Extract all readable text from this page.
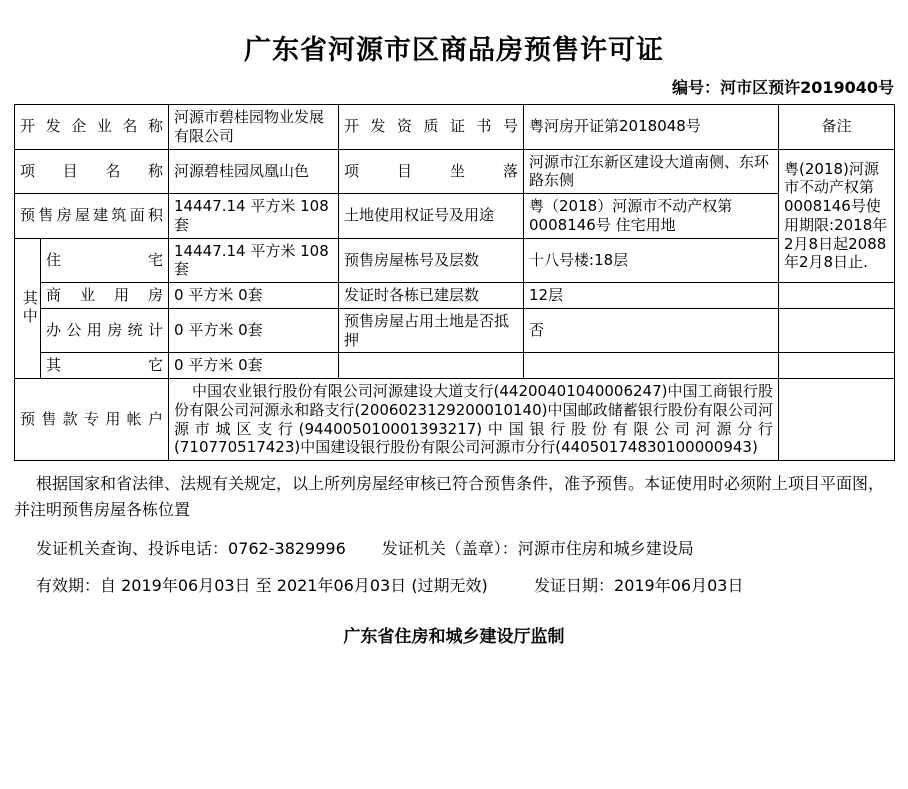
广东省河源市区商品房预售许可证
编号：河市区预许2019040号
开发企业名称		河源市碧桂园物业发展有限公司	开发资质证书号	粤河房开证第2018048号	备注
项目名称		河源碧桂园凤凰山色	项目坐落	河源市江东新区建设大道南侧、东环路东侧	粤(2018)河源市不动产权第0008146号使用期限:2018年2月8日起2088年2月8日止.
预售房屋建筑面积		14447.14 平方米 108套	土地使用权证号及用途	粤（2018）河源市不动产权第0008146号 住宅用地	

其中	住宅	14447.14 平方米 108套	预售房屋栋号及层数	十八号楼:18层	
	商业用房	0 平方米 0套	发证时各栋已建层数	12层	
	办公用房统计	0 平方米 0套	预售房屋占用土地是否抵押	否	
	其它	0 平方米 0套			
预售款专用帐户		中国农业银行股份有限公司河源建设大道支行(44200401040006247)中国工商银行股份有限公司河源永和路支行(2006023129200010140)中国邮政储蓄银行股份有限公司河源市城区支行(944005010001393217)中国银行股份有限公司河源分行(710770517423)中国建设银行股份有限公司河源市分行(44050174830100000943)			
根据国家和省法律、法规有关规定，以上所列房屋经审核已符合预售条件，准予预售。本证使用时必须附上项目平面图，并注明预售房屋各栋位置
发证机关查询、投诉电话：0762-3829996 发证机关（盖章）：河源市住房和城乡建设局
有效期：自 2019年06月03日 至 2021年06月03日 (过期无效)	发证日期：2019年06月03日
广东省住房和城乡建设厅监制
